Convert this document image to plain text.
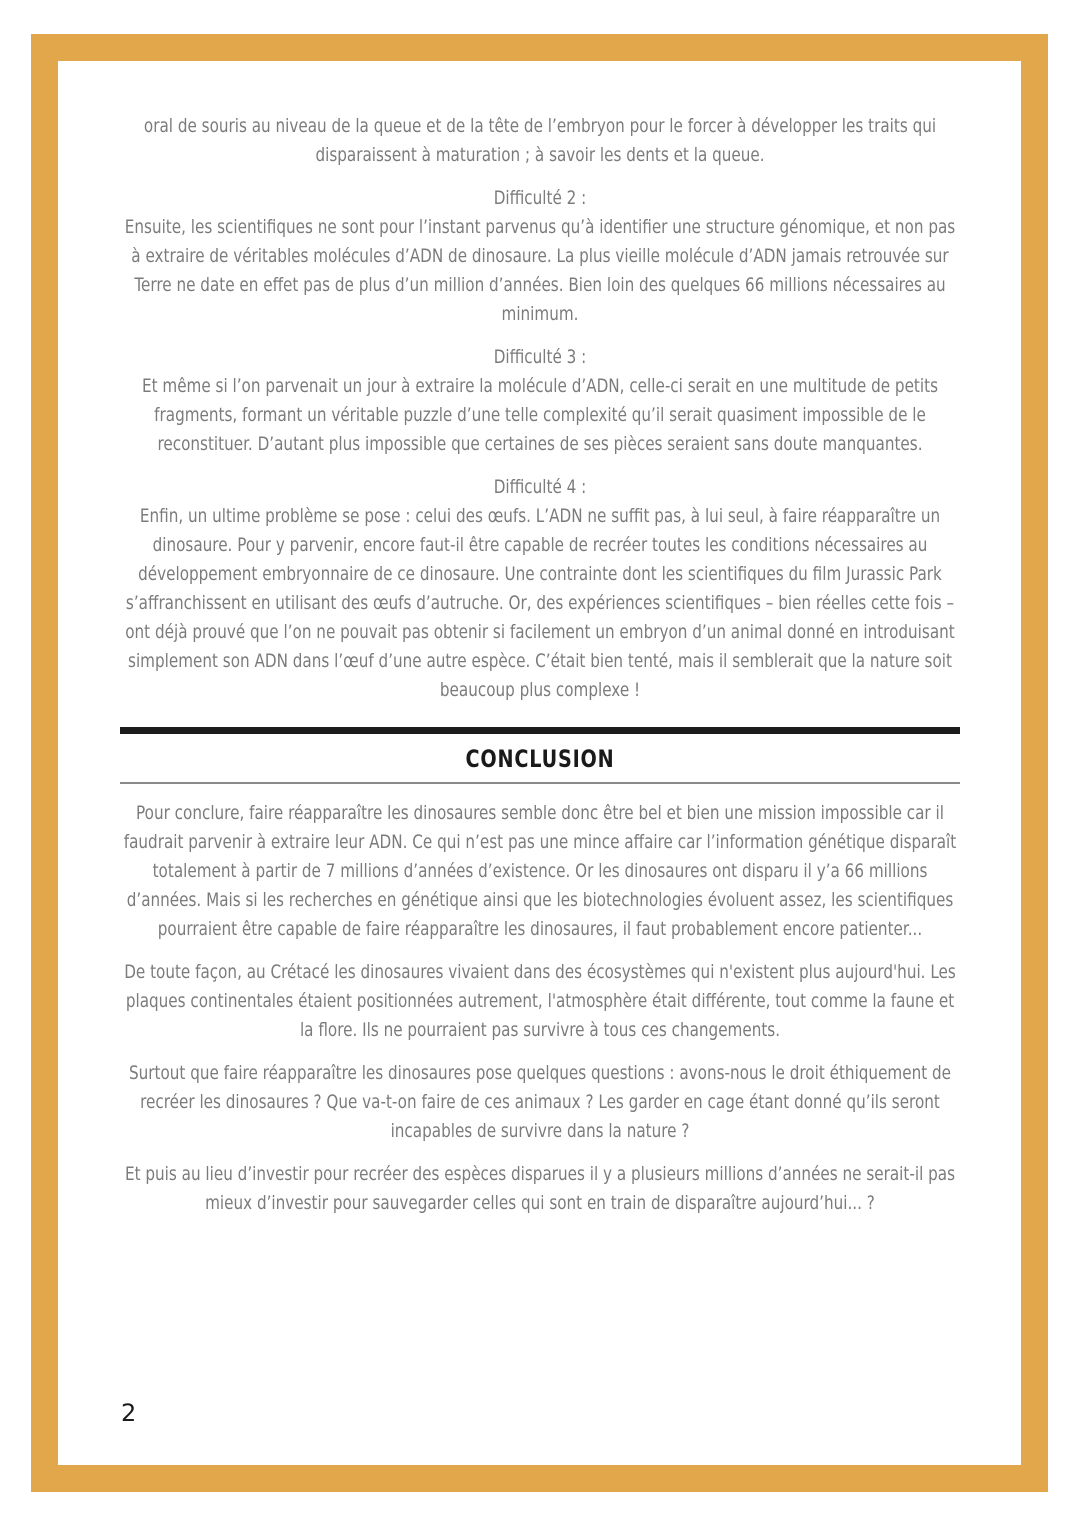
oral de souris au niveau de la queue et de la tête de l’embryon pour le forcer à développer les traits qui disparaissent à maturation ; à savoir les dents et la queue.
Difficulté 2 :
Ensuite, les scientifiques ne sont pour l’instant parvenus qu’à identifier une structure génomique, et non pas à extraire de véritables molécules d’ADN de dinosaure. La plus vieille molécule d’ADN jamais retrouvée sur Terre ne date en effet pas de plus d’un million d’années. Bien loin des quelques 66 millions nécessaires au minimum.
Difficulté 3 :
Et même si l’on parvenait un jour à extraire la molécule d’ADN, celle-ci serait en une multitude de petits fragments, formant un véritable puzzle d’une telle complexité qu’il serait quasiment impossible de le reconstituer. D’autant plus impossible que certaines de ses pièces seraient sans doute manquantes.
Difficulté 4 :
Enfin, un ultime problème se pose : celui des œufs. L’ADN ne suffit pas, à lui seul, à faire réapparaître un dinosaure. Pour y parvenir, encore faut-il être capable de recréer toutes les conditions nécessaires au développement embryonnaire de ce dinosaure. Une contrainte dont les scientifiques du film Jurassic Park s’affranchissent en utilisant des œufs d’autruche. Or, des expériences scientifiques – bien réelles cette fois – ont déjà prouvé que l’on ne pouvait pas obtenir si facilement un embryon d’un animal donné en introduisant simplement son ADN dans l’œuf d’une autre espèce. C’était bien tenté, mais il semblerait que la nature soit beaucoup plus complexe !
CONCLUSION
Pour conclure, faire réapparaître les dinosaures semble donc être bel et bien une mission impossible car il faudrait parvenir à extraire leur ADN. Ce qui n’est pas une mince affaire car l’information génétique disparaît totalement à partir de 7 millions d’années d’existence. Or les dinosaures ont disparu il y’a 66 millions d’années. Mais si les recherches en génétique ainsi que les biotechnologies évoluent assez, les scientifiques pourraient être capable de faire réapparaître les dinosaures, il faut probablement encore patienter...
De toute façon, au Crétacé les dinosaures vivaient dans des écosystèmes qui n'existent plus aujourd'hui. Les plaques continentales étaient positionnées autrement, l'atmosphère était différente, tout comme la faune et la flore. Ils ne pourraient pas survivre à tous ces changements.
Surtout que faire réapparaître les dinosaures pose quelques questions : avons-nous le droit éthiquement de recréer les dinosaures ? Que va-t-on faire de ces animaux ? Les garder en cage étant donné qu’ils seront incapables de survivre dans la nature ?
Et puis au lieu d’investir pour recréer des espèces disparues il y a plusieurs millions d’années ne serait-il pas mieux d’investir pour sauvegarder celles qui sont en train de disparaître aujourd’hui... ?
2
